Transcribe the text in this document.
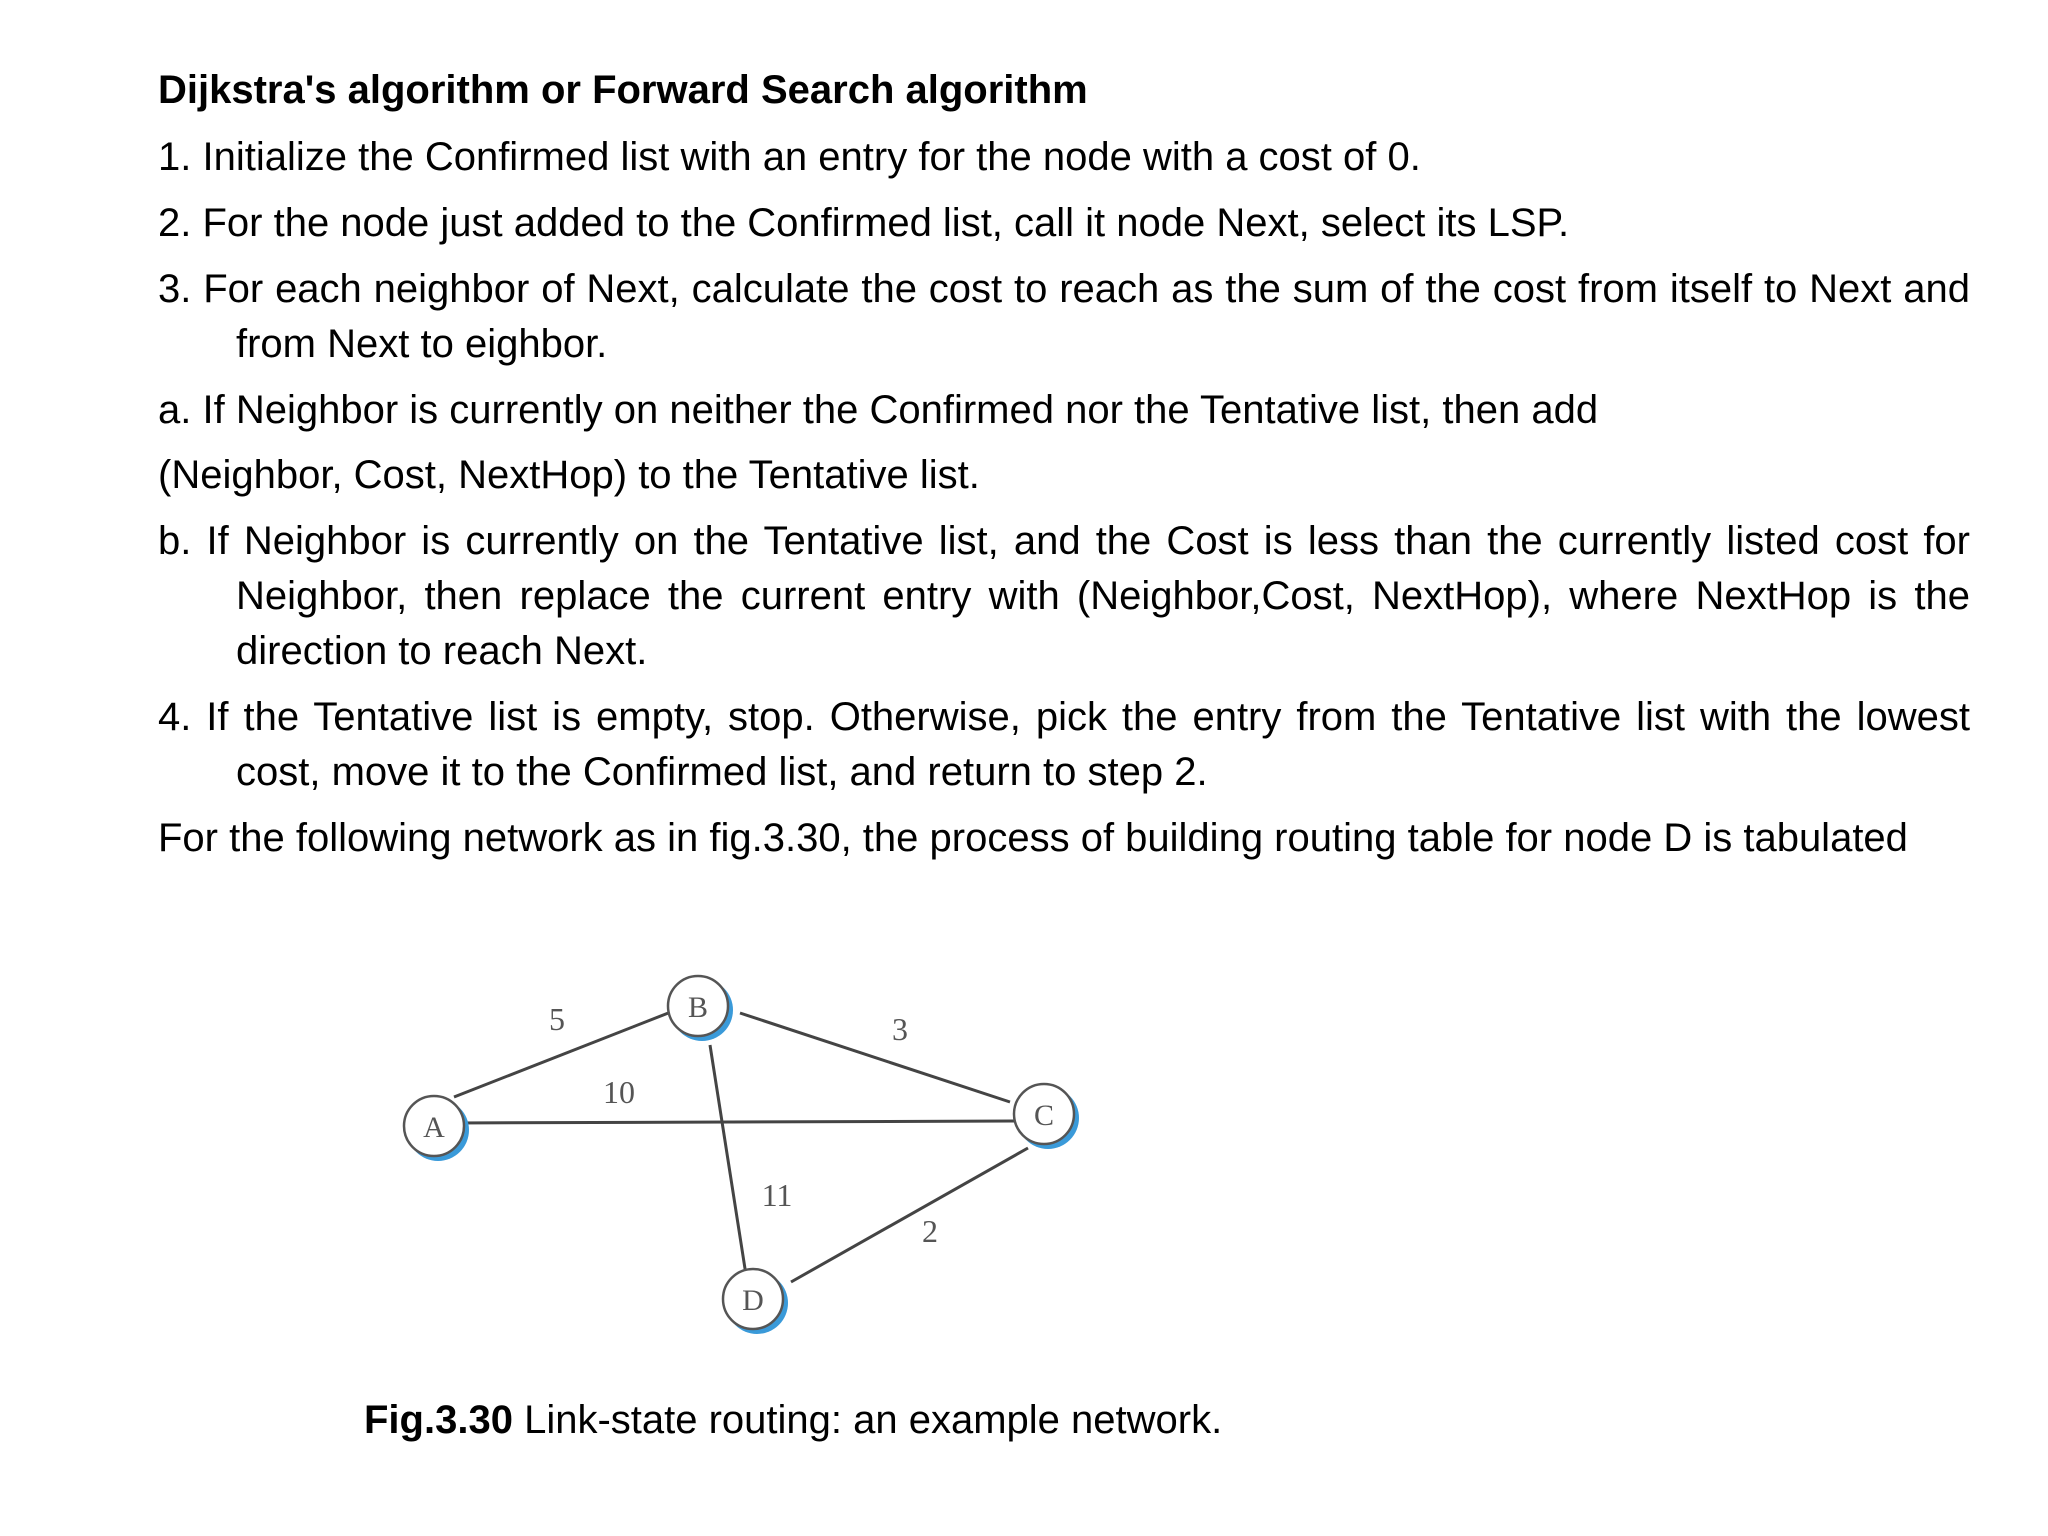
Dijkstra's algorithm or Forward Search algorithm
1. Initialize the Confirmed list with an entry for the node with a cost of 0.
2. For the node just added to the Confirmed list, call it node Next, select its LSP.
3. For each neighbor of Next, calculate the cost to reach as the sum of the cost from itself to Next and from Next to eighbor.
a. If Neighbor is currently on neither the Confirmed nor the Tentative list, then add
(Neighbor, Cost, NextHop) to the Tentative list.
b. If Neighbor is currently on the Tentative list, and the Cost is less than the currently listed cost for Neighbor, then replace the current entry with (Neighbor,Cost, NextHop), where NextHop is the direction to reach Next.
4. If the Tentative list is empty, stop. Otherwise, pick the entry from the Tentative list with the lowest cost, move it to the Confirmed list, and return to step 2.
For the following network as in fig.3.30, the process of building routing table for node D is tabulated
5
10
3
11
2
A
B
C
D
Fig.3.30 Link-state routing: an example network.
